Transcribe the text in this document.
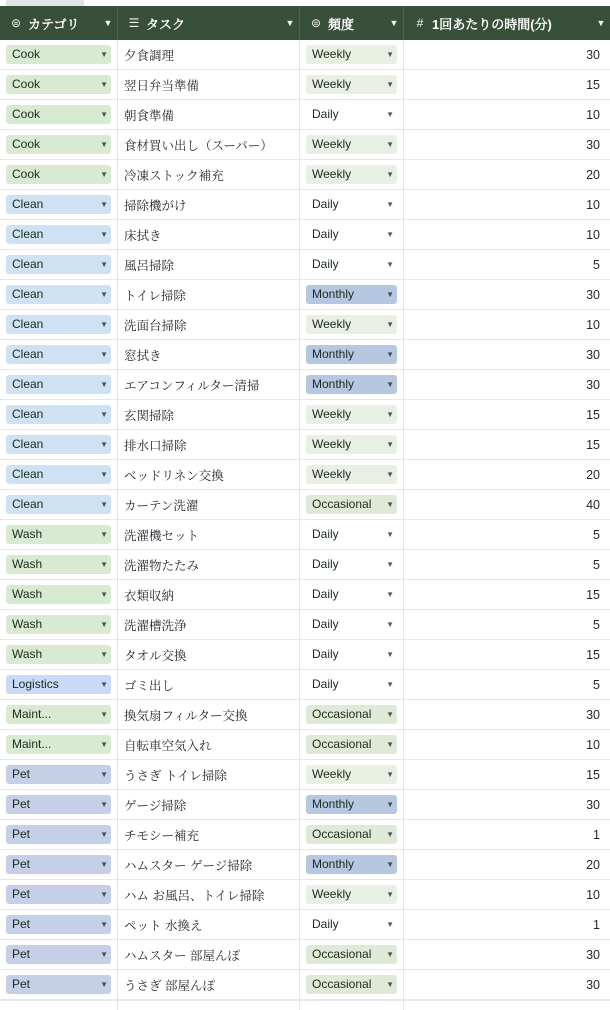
⊜ カテゴリ	▼	☰ タスク	▼	⊜ 頻度	▼	# 1回あたりの時間(分)	▼
Cook	▼	夕食調理	Weekly	▼	30
Cook	▼	翌日弁当準備	Weekly	▼	15
Cook	▼	朝食準備	Daily	▼	10
Cook	▼	食材買い出し（スーパー）	Weekly	▼	30
Cook	▼	冷凍ストック補充	Weekly	▼	20
Clean	▼	掃除機がけ	Daily	▼	10
Clean	▼	床拭き	Daily	▼	10
Clean	▼	風呂掃除	Daily	▼	5
Clean	▼	トイレ掃除	Monthly	▼	30
Clean	▼	洗面台掃除	Weekly	▼	10
Clean	▼	窓拭き	Monthly	▼	30
Clean	▼	エアコンフィルター清掃	Monthly	▼	30
Clean	▼	玄関掃除	Weekly	▼	15
Clean	▼	排水口掃除	Weekly	▼	15
Clean	▼	ベッドリネン交換	Weekly	▼	20
Clean	▼	カーテン洗濯	Occasional ▼	40
Wash	▼	洗濯機セット	Daily	▼	5
Wash	▼	洗濯物たたみ	Daily	▼	5
Wash	▼	衣類収納	Daily	▼	15
Wash	▼	洗濯槽洗浄	Daily	▼	5
Wash	▼	タオル交換	Daily	▼	15
Logistics	▼	ゴミ出し	Daily	▼	5
Maint...	▼	換気扇フィルター交換	Occasional ▼	30
Maint...	▼	自転車空気入れ	Occasional ▼	10
Pet	▼	うさぎ トイレ掃除	Weekly	▼	15
Pet	▼	ゲージ掃除	Monthly	▼	30
Pet	▼	チモシー補充	Occasional ▼	1
Pet	▼	ハムスター ゲージ掃除	Monthly	▼	20
Pet	▼	ハム お風呂、トイレ掃除	Weekly	▼	10
Pet	▼	ペット 水換え	Daily	▼	1
Pet	▼	ハムスター 部屋んぽ	Occasional ▼	30
Pet	▼	うさぎ 部屋んぽ	Occasional ▼	30
